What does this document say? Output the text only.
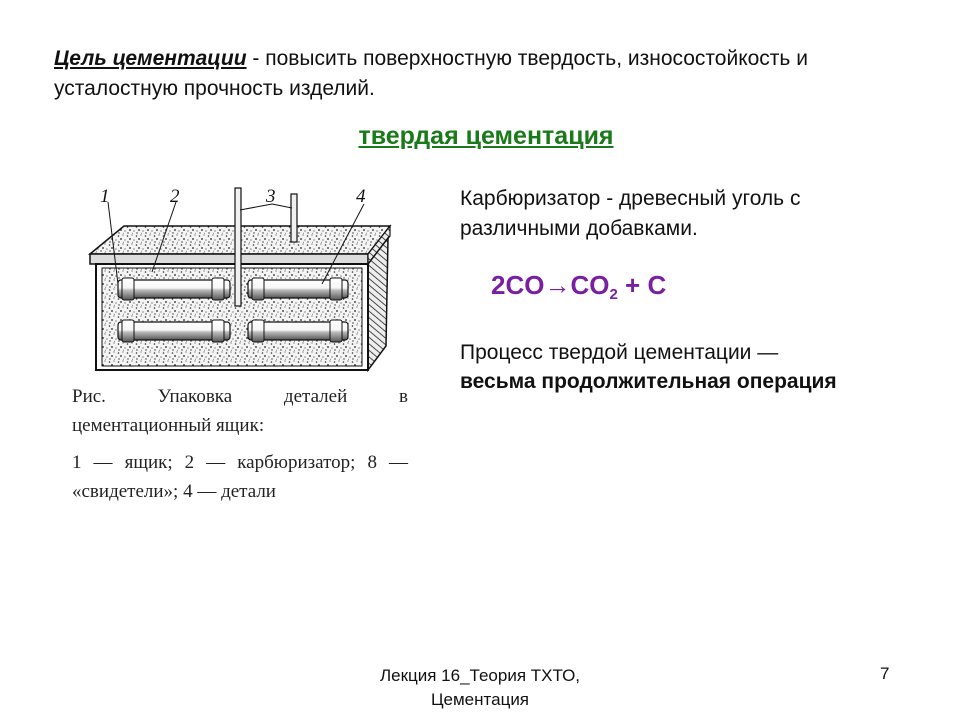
Цель цементации - повысить поверхностную твердость, износостойкость и усталостную прочность изделий.

твердая цементация
1	2	3	4

Рис. Упаковка деталей в

цементационный ящик:

1 — ящик; 2 — карбюризатор; 8 — «свидетели»; 4 — детали

Карбюризатор - древесный уголь с различными добавками.

$2CO\to CO_2 + C$

Процесс твердой цементации —
весьма продолжительная операция

Лекция 16_Теория ТХТО,
Цементация

7
